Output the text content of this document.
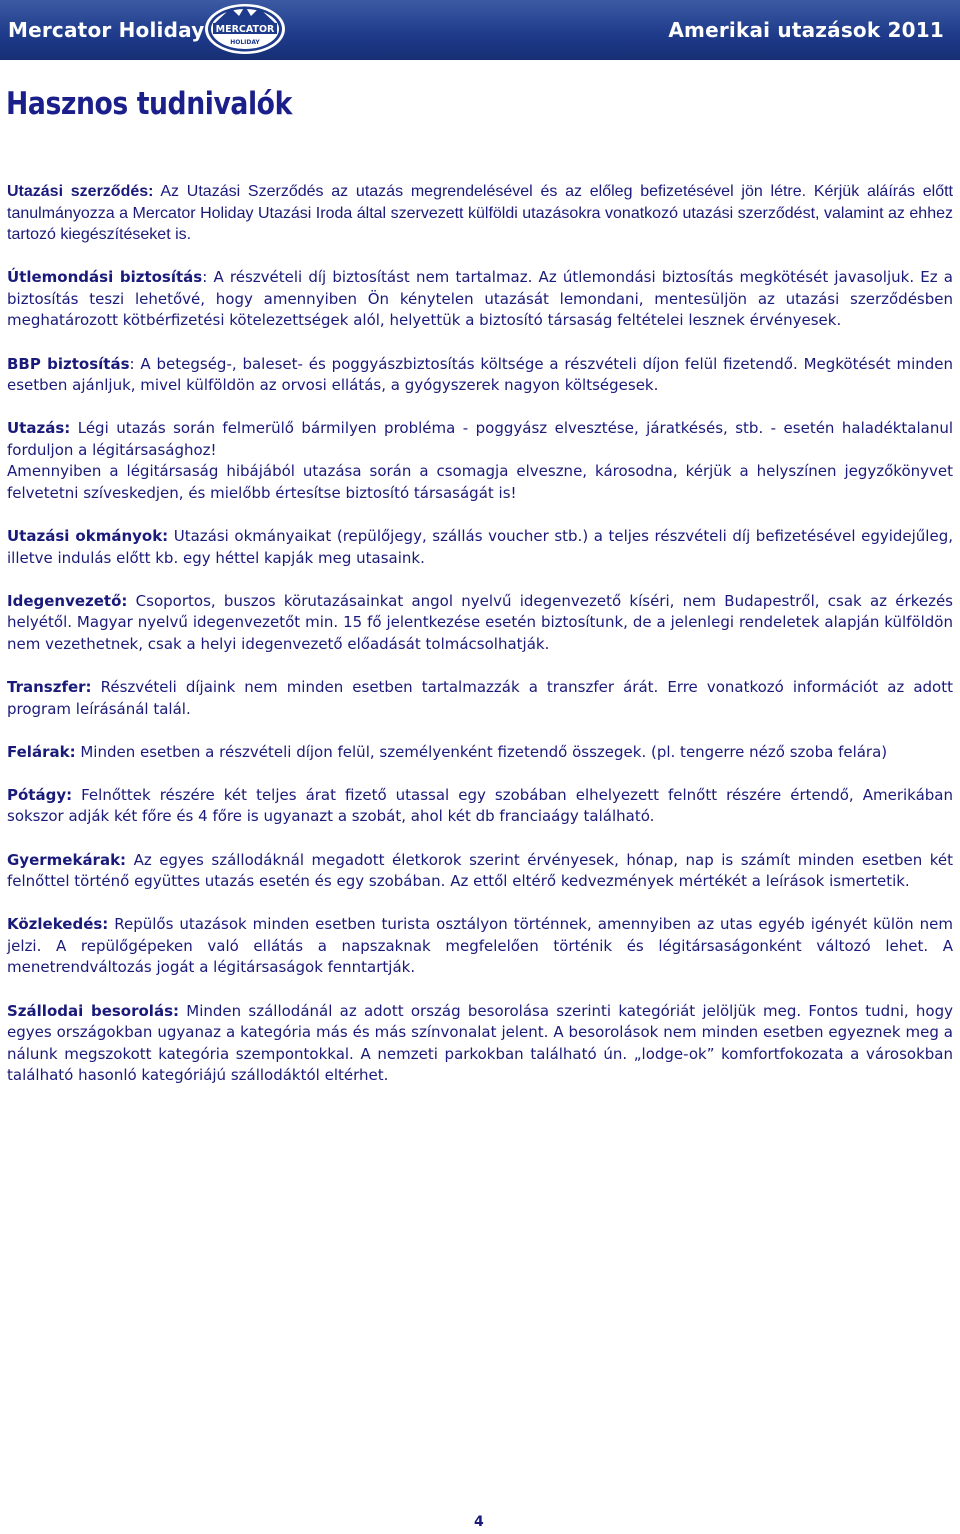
Mercator Holiday MERCATOR
HOLIDAY
Amerikai utazások 2011
Hasznos tudnivalók

Utazási szerződés: Az Utazási Szerződés az utazás megrendelésével és az előleg befizetésével jön létre. Kérjük aláírás előtt tanulmányozza a Mercator Holiday Utazási Iroda által szervezett külföldi utazásokra vonatkozó utazási szerződést, valamint az ehhez tartozó kiegészítéseket is.

Útlemondási biztosítás: A részvételi díj biztosítást nem tartalmaz. Az útlemondási biztosítás megkötését javasoljuk. Ez a biztosítás teszi lehetővé, hogy amennyiben Ön kénytelen utazását lemondani, mentesüljön az utazási szerződésben meghatározott kötbérfizetési kötelezettségek alól, helyettük a biztosító társaság feltételei lesznek érvényesek.

BBP biztosítás: A betegség-, baleset- és poggyászbiztosítás költsége a részvételi díjon felül fizetendő. Megkötését minden esetben ajánljuk, mivel külföldön az orvosi ellátás, a gyógyszerek nagyon költségesek.

Utazás: Légi utazás során felmerülő bármilyen probléma - poggyász elvesztése, járatkésés, stb. - esetén haladéktalanul forduljon a légitársasághoz!

Amennyiben a légitársaság hibájából utazása során a csomagja elveszne, károsodna, kérjük a helyszínen jegyzőkönyvet felvetetni szíveskedjen, és mielőbb értesítse biztosító társaságát is!

Utazási okmányok: Utazási okmányaikat (repülőjegy, szállás voucher stb.) a teljes részvételi díj befizetésével egyidejűleg, illetve indulás előtt kb. egy héttel kapják meg utasaink.

Idegenvezető: Csoportos, buszos körutazásainkat angol nyelvű idegenvezető kíséri, nem Budapestről, csak az érkezés helyétől. Magyar nyelvű idegenvezetőt min. 15 fő jelentkezése esetén biztosítunk, de a jelenlegi rendeletek alapján külföldön nem vezethetnek, csak a helyi idegenvezető előadását tolmácsolhatják.

Transzfer: Részvételi díjaink nem minden esetben tartalmazzák a transzfer árát. Erre vonatkozó információt az adott program leírásánál talál.

Felárak: Minden esetben a részvételi díjon felül, személyenként fizetendő összegek. (pl. tengerre néző szoba felára)

Pótágy: Felnőttek részére két teljes árat fizető utassal egy szobában elhelyezett felnőtt részére értendő, Amerikában sokszor adják két főre és 4 főre is ugyanazt a szobát, ahol két db franciaágy található.

Gyermekárak: Az egyes szállodáknál megadott életkorok szerint érvényesek, hónap, nap is számít minden esetben két felnőttel történő együttes utazás esetén és egy szobában. Az ettől eltérő kedvezmények mértékét a leírások ismertetik.

Közlekedés: Repülős utazások minden esetben turista osztályon történnek, amennyiben az utas egyéb igényét külön nem jelzi. A repülőgépeken való ellátás a napszaknak megfelelően történik és légitársaságonként változó lehet. A menetrendváltozás jogát a légitársaságok fenntartják.

Szállodai besorolás: Minden szállodánál az adott ország besorolása szerinti kategóriát jelöljük meg. Fontos tudni, hogy egyes országokban ugyanaz a kategória más és más színvonalat jelent. A besorolások nem minden esetben egyeznek meg a nálunk megszokott kategória szempontokkal. A nemzeti parkokban található ún. „lodge-ok” komfortfokozata a városokban található hasonló kategóriájú szállodáktól eltérhet.

4
